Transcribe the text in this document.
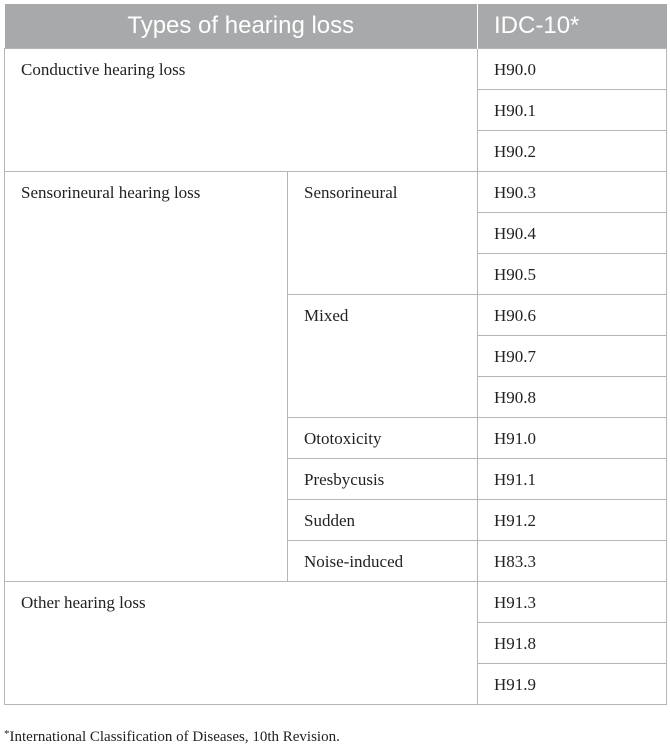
Types of hearing loss		IDC-10*

Conductive hearing loss		H90.0

		H90.1

		H90.2

Sensorineural hearing loss	Sensorineural	H90.3

		H90.4

		H90.5

	Mixed	H90.6

		H90.7

		H90.8

	Ototoxicity	H91.0

	Presbycusis	H91.1

	Sudden	H91.2

	Noise-induced	H83.3

Other hearing loss		H91.3

		H91.8

		H91.9
*International Classification of Diseases, 10th Revision.
